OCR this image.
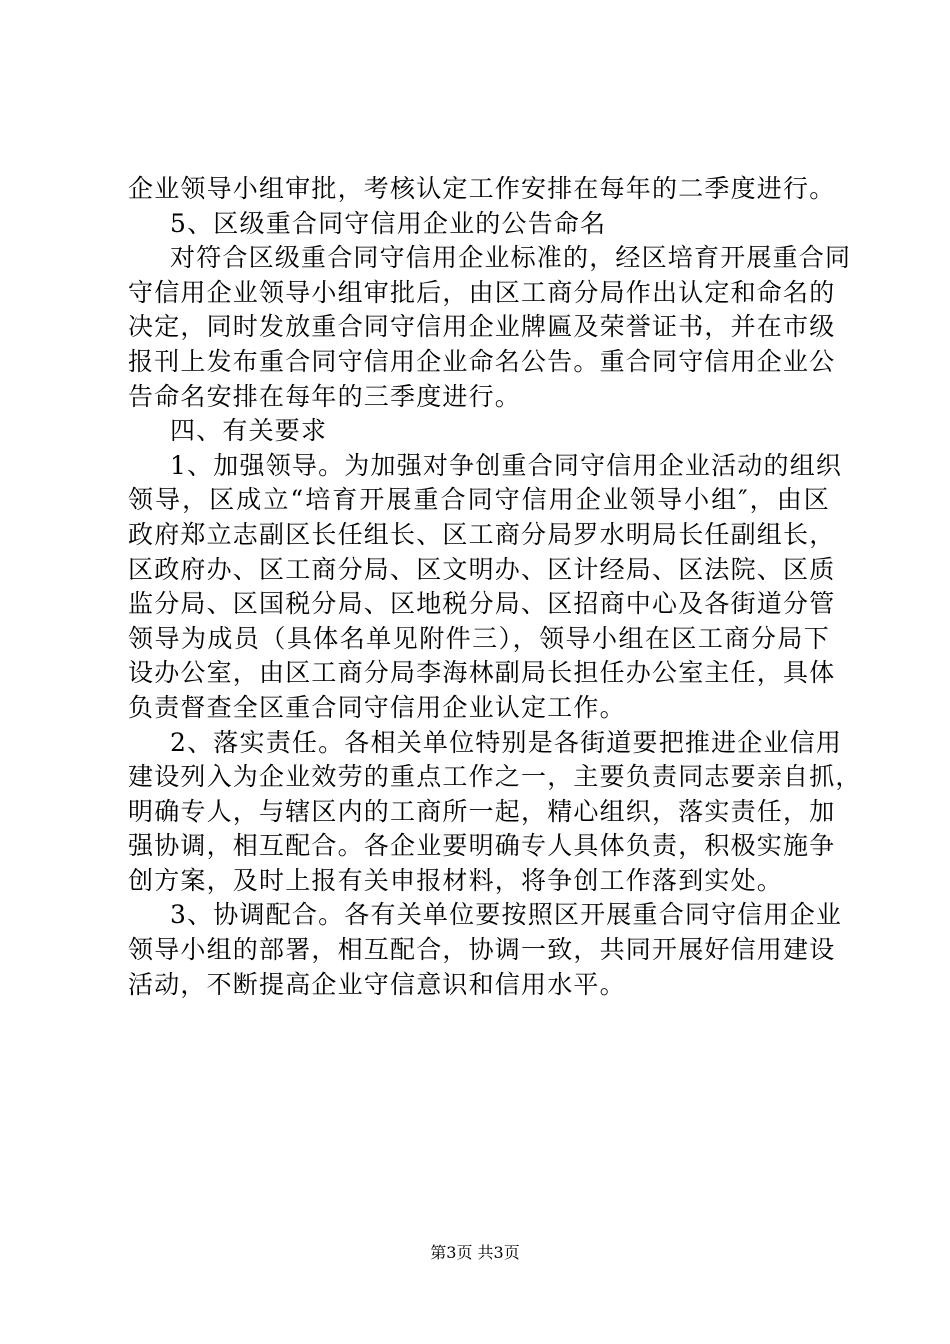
企业领导小组审批，考核认定工作安排在每年的二季度进行。
5、区级重合同守信用企业的公告命名
对符合区级重合同守信用企业标准的，经区培育开展重合同
守信用企业领导小组审批后，由区工商分局作出认定和命名的
决定，同时发放重合同守信用企业牌匾及荣誉证书，并在市级
报刊上发布重合同守信用企业命名公告。重合同守信用企业公
告命名安排在每年的三季度进行。
四、有关要求
1、加强领导。为加强对争创重合同守信用企业活动的组织
领导，区成立“培育开展重合同守信用企业领导小组″，由区
政府郑立志副区长任组长、区工商分局罗水明局长任副组长，
区政府办、区工商分局、区文明办、区计经局、区法院、区质
监分局、区国税分局、区地税分局、区招商中心及各街道分管
领导为成员（具体名单见附件三），领导小组在区工商分局下
设办公室，由区工商分局李海林副局长担任办公室主任，具体
负责督查全区重合同守信用企业认定工作。
2、落实责任。各相关单位特别是各街道要把推进企业信用
建设列入为企业效劳的重点工作之一，主要负责同志要亲自抓，
明确专人，与辖区内的工商所一起，精心组织，落实责任，加
强协调，相互配合。各企业要明确专人具体负责，积极实施争
创方案，及时上报有关申报材料，将争创工作落到实处。
3、协调配合。各有关单位要按照区开展重合同守信用企业
领导小组的部署，相互配合，协调一致，共同开展好信用建设
活动，不断提高企业守信意识和信用水平。
第3页 共3页
